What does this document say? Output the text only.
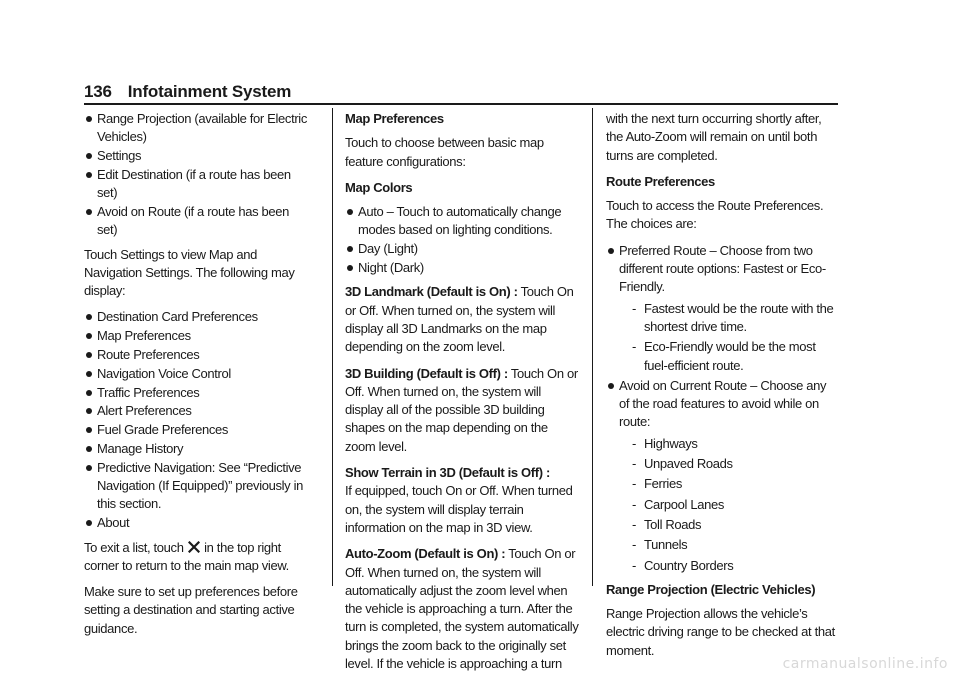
136 Infotainment System
Range Projection (available for Electric Vehicles)
Settings
Edit Destination (if a route has been set)
Avoid on Route (if a route has been set)

Touch Settings to view Map and Navigation Settings. The following may display:

Destination Card Preferences
Map Preferences
Route Preferences
Navigation Voice Control
Traffic Preferences
Alert Preferences
Fuel Grade Preferences
Manage History
Predictive Navigation: See “Predictive Navigation (If Equipped)” previously in this section.
About

To exit a list, touch in the top right corner to return to the main map view.

Make sure to set up preferences before setting a destination and starting active guidance.

Map Preferences

Touch to choose between basic map feature configurations:

Map Colors

Auto – Touch to automatically change modes based on lighting conditions.
Day (Light)
Night (Dark)

3D Landmark (Default is On) : Touch On or Off. When turned on, the system will display all 3D Landmarks on the map depending on the zoom level.

3D Building (Default is Off) : Touch On or Off. When turned on, the system will display all of the possible 3D building shapes on the map depending on the zoom level.

Show Terrain in 3D (Default is Off) :
If equipped, touch On or Off. When turned on, the system will display terrain information on the map in 3D view.

Auto-Zoom (Default is On) : Touch On or Off. When turned on, the system will automatically adjust the zoom level when the vehicle is approaching a turn. After the turn is completed, the system automatically brings the zoom back to the originally set level. If the vehicle is approaching a turn

with the next turn occurring shortly after, the Auto-Zoom will remain on until both turns are completed.

Route Preferences

Touch to access the Route Preferences. The choices are:

Preferred Route – Choose from two different route options: Fastest or Eco-Friendly.
- Fastest would be the route with the shortest drive time.
- Eco-Friendly would be the most fuel-efficient route.
Avoid on Current Route – Choose any of the road features to avoid while on route:
- Highways
- Unpaved Roads
- Ferries
- Carpool Lanes
- Toll Roads
- Tunnels
- Country Borders

Range Projection (Electric Vehicles)

Range Projection allows the vehicle’s electric driving range to be checked at that moment.

carmanualsonline.info
